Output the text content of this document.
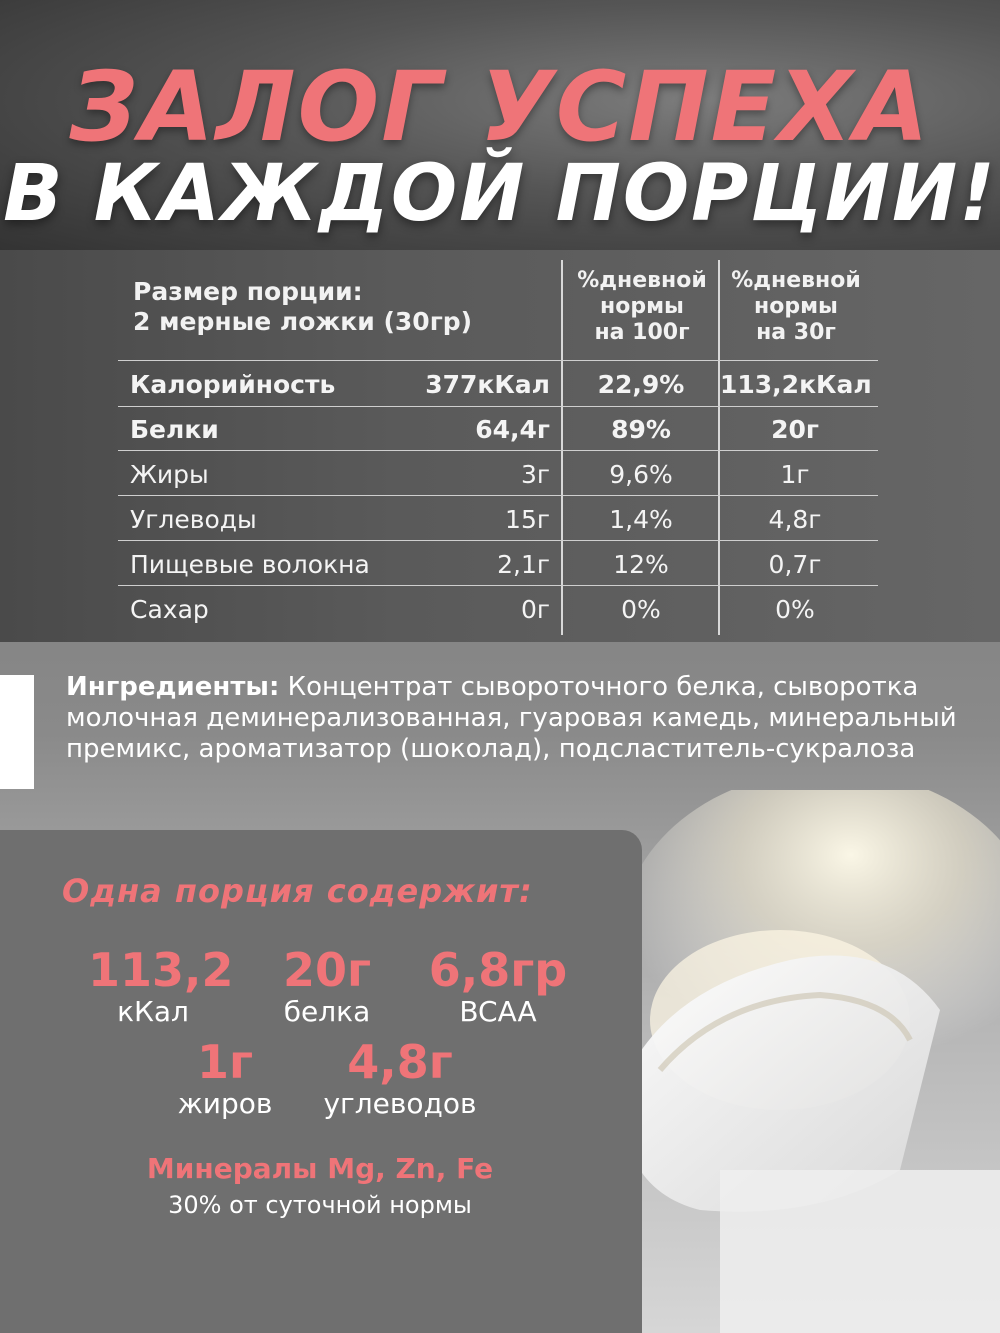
ЗАЛОГ УСПЕХА
В КАЖДОЙ ПОРЦИИ!
Размер порции:
2 мерные ложки (30гр)
%дневной
нормы
на 100г
%дневной
нормы
на 30г
Калорийность	377кКал	22,9%	113,2кКал
Белки	64,4г	89%	20г
Жиры	3г	9,6%	1г
Углеводы	15г	1,4%	4,8г
Пищевые волокна	2,1г	12%	0,7г
Сахар	0г	0%	0%
Ингредиенты: Концентрат сывороточного белка, сыворотка молочная деминерализованная, гуаровая камедь, минеральный премикс, ароматизатор (шоколад), подсластитель-сукралоза
Одна порция содержит:
113,2
кКал
20г
белка
6,8гр
BCAA
1г
жиров
4,8г
углеводов
Минералы Mg, Zn, Fe
30% от суточной нормы
